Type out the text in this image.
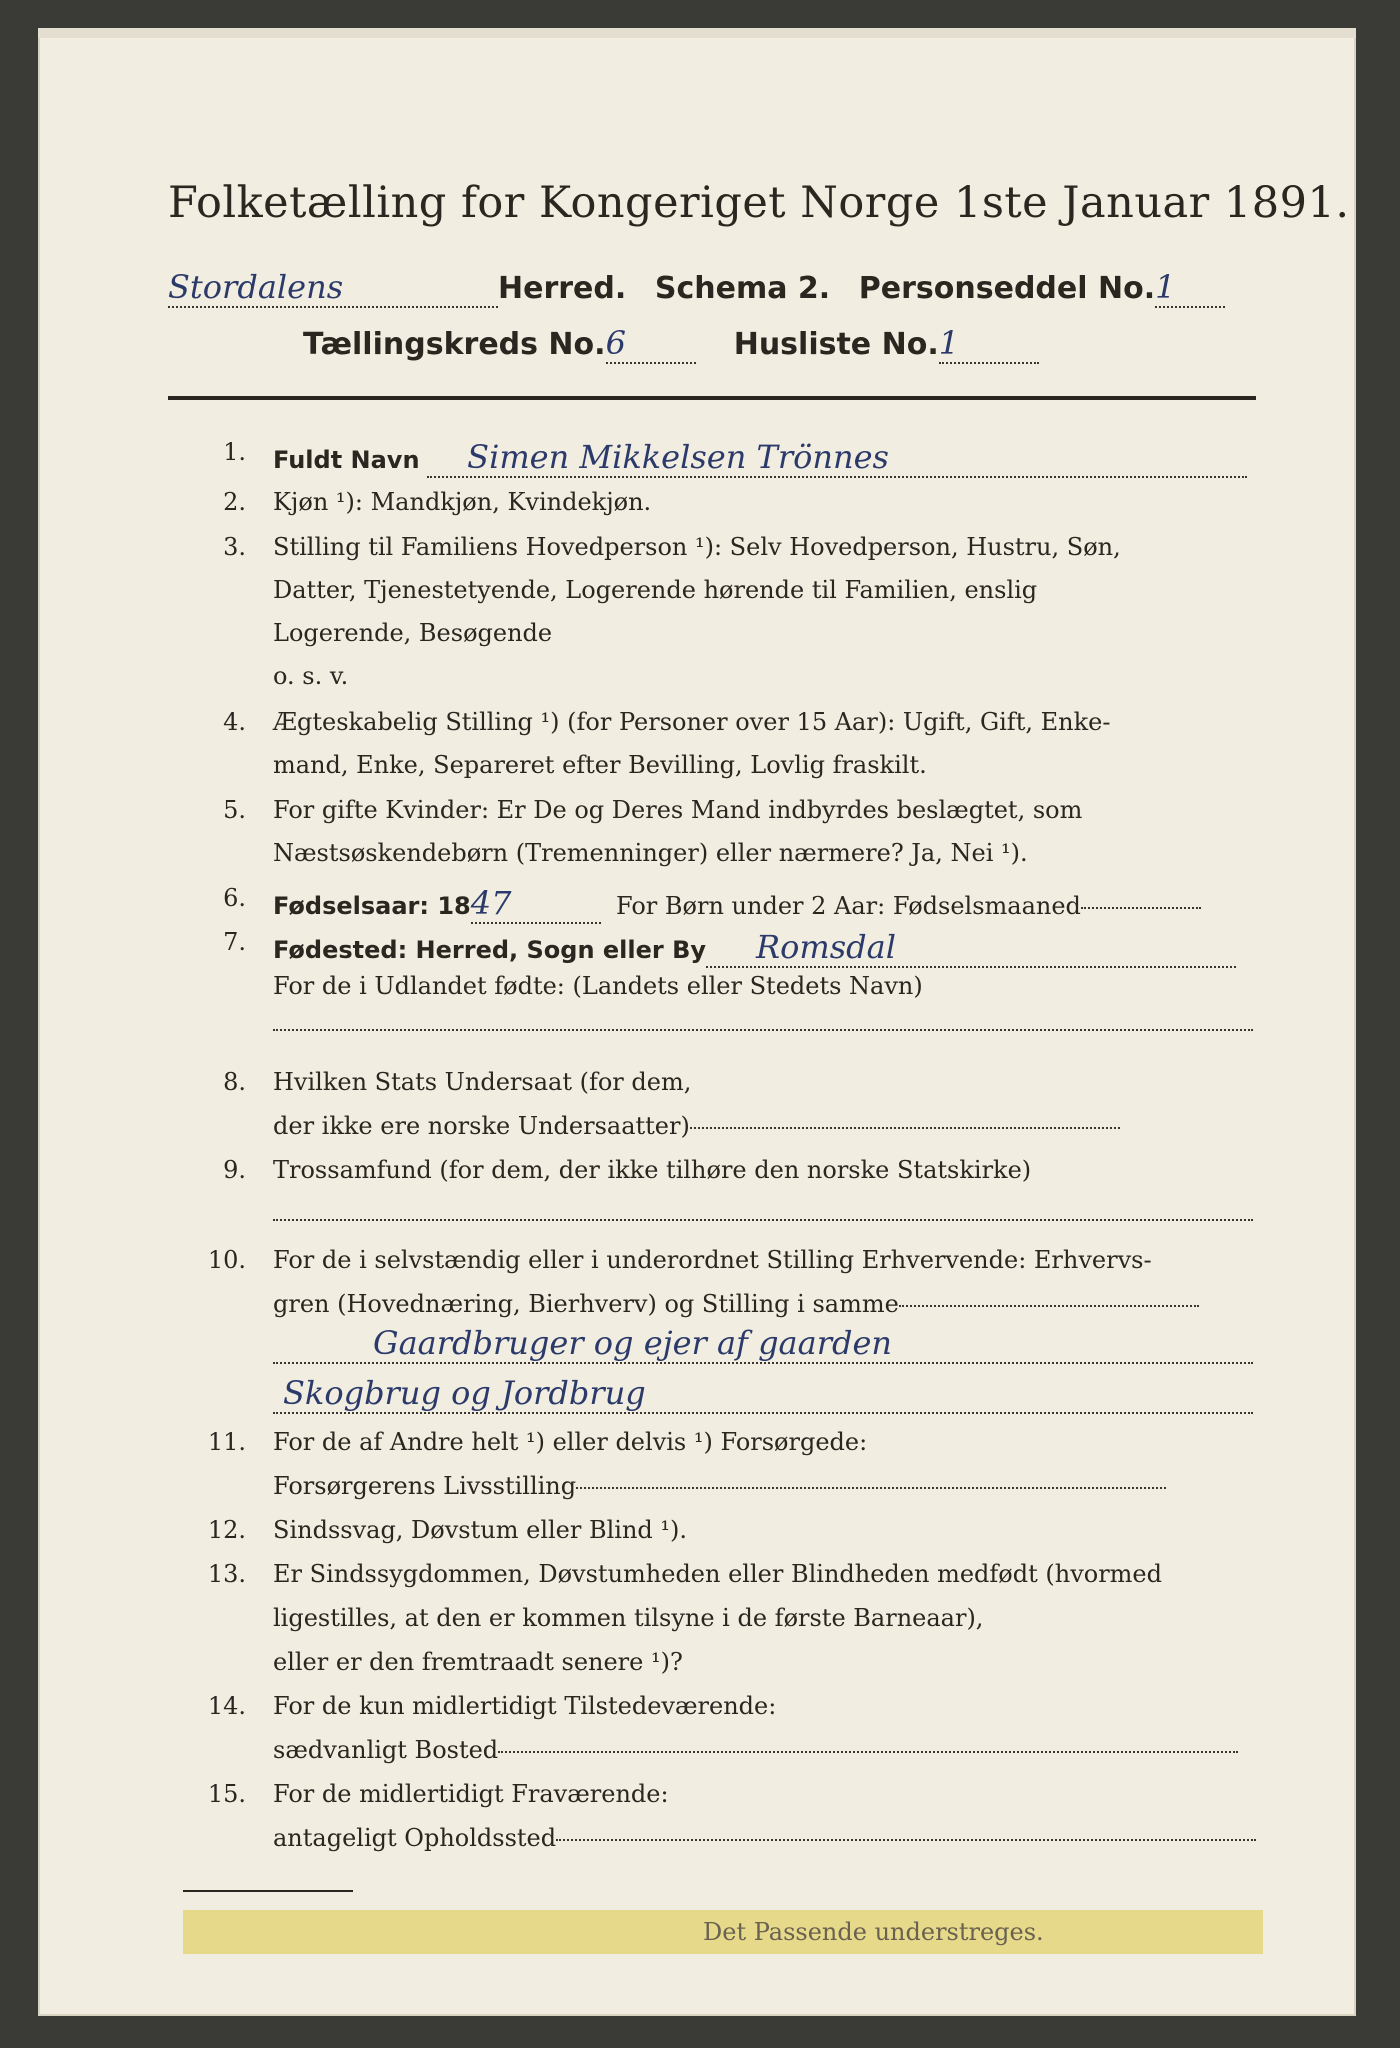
Folketælling for Kongeriget Norge 1ste Januar 1891.
Stordalens	Herred. Schema 2. Personseddel No.1
Tællingskreds No.6	Husliste No.1
1. Fuldt Navn Simen Mikkelsen Trönnes
2. Kjøn ¹): Mandkjøn, Kvindekjøn.
3. Stilling til Familiens Hovedperson ¹): Selv Hovedperson, Hustru, Søn,
Datter, Tjenestetyende, Logerende hørende til Familien, enslig
Logerende, Besøgende
o. s. v.
4. Ægteskabelig Stilling ¹) (for Personer over 15 Aar): Ugift, Gift, Enke-
mand, Enke, Separeret efter Bevilling, Lovlig fraskilt.
5. For gifte Kvinder: Er De og Deres Mand indbyrdes beslægtet, som
Næstsøskendebørn (Tremenninger) eller nærmere? Ja, Nei ¹).
6. Fødselsaar: 1847	For Børn under 2 Aar: Fødselsmaaned
7. Fødested: Herred, Sogn eller By Romsdal
For de i Udlandet fødte: (Landets eller Stedets Navn)
8. Hvilken Stats Undersaat (for dem,
der ikke ere norske Undersaatter)
9. Trossamfund (for dem, der ikke tilhøre den norske Statskirke)
10. For de i selvstændig eller i underordnet Stilling Erhvervende: Erhvervs-
gren (Hovednæring, Bierhverv) og Stilling i samme
Gaardbruger og ejer af gaarden
Skogbrug og Jordbrug
11. For de af Andre helt ¹) eller delvis ¹) Forsørgede:
Forsørgerens Livsstilling
12. Sindssvag, Døvstum eller Blind ¹).
13. Er Sindssygdommen, Døvstumheden eller Blindheden medfødt (hvormed
ligestilles, at den er kommen tilsyne i de første Barneaar),
eller er den fremtraadt senere ¹)?
14. For de kun midlertidigt Tilstedeværende:
sædvanligt Bosted
15. For de midlertidigt Fraværende:
antageligt Opholdssted
Det Passende understreges.
